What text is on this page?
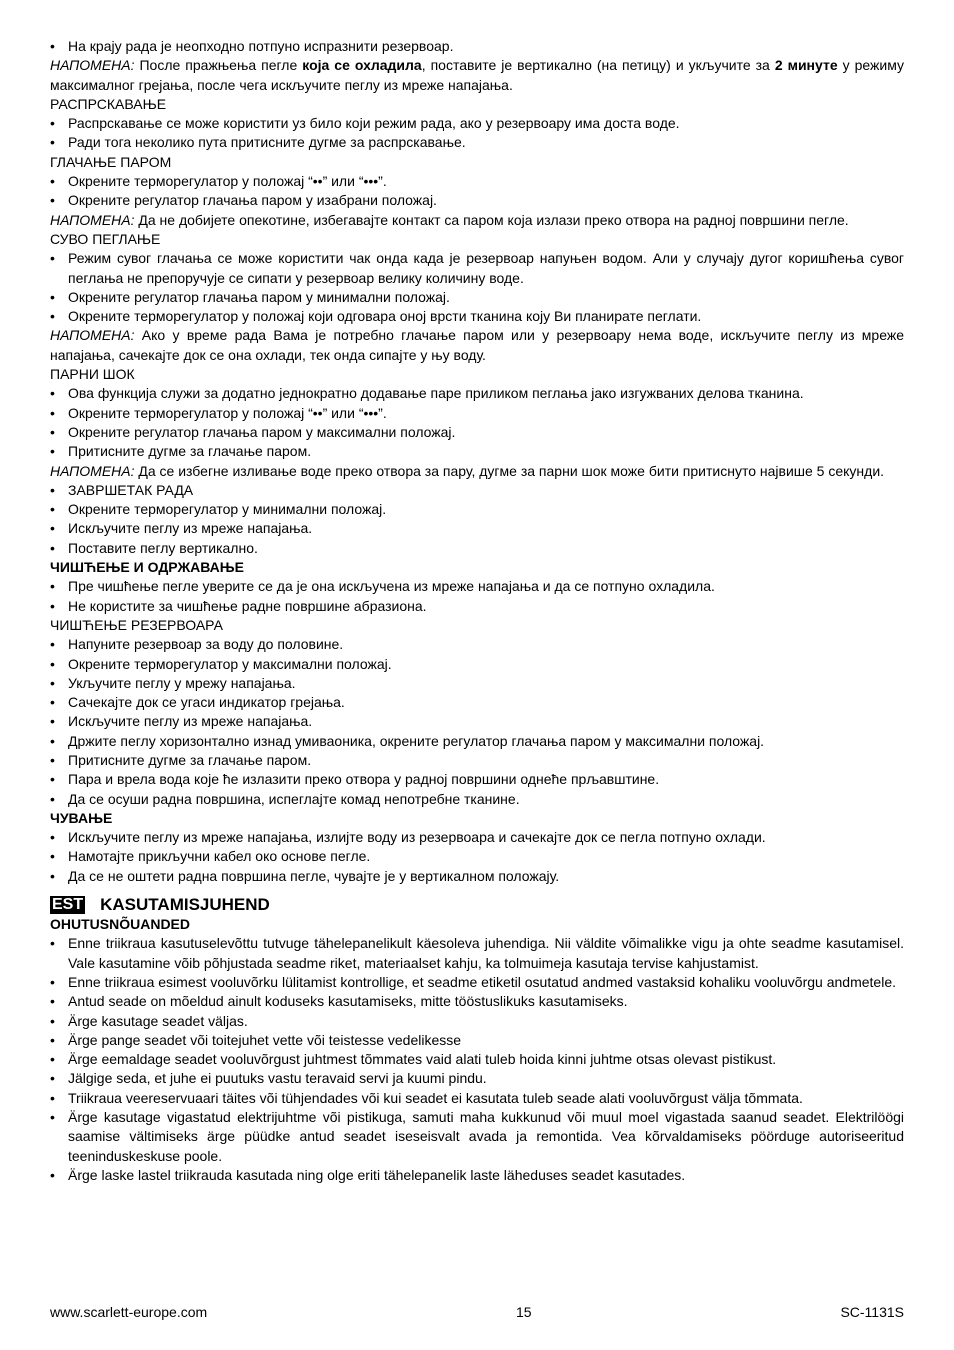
• На крају рада је неопходно потпуно испразнити резервоар.

НАПОМЕНА: После пражњења пегле која се охладила, поставите је вертикално (на петицу) и укључите за 2 минуте у режиму максималног грејања, после чега искључите пеглу из мреже напајања.

РАСПРСКАВАЊЕ

• Распрскавање се може користити уз било који режим рада, ако у резервоару има доста воде.
• Ради тога неколико пута притисните дугме за распрскавање.

ГЛАЧАЊЕ ПАРОМ

• Окрените терморегулатор у положај “••” или “•••”.
• Окрените регулатор глачања паром у изабрани положај.

НАПОМЕНА: Да не добијете опекотине, избегавајте контакт са паром која излази преко отвора на радној површини пегле.

СУВО ПЕГЛАЊЕ

• Режим сувог глачања се може користити чак онда када је резервоар напуњен водом. Али у случају дугог коришћења сувог пеглања не препоручује се сипати у резервоар велику количину воде.
• Окрените регулатор глачања паром у минимални положај.
• Окрените терморегулатор у положај који одговара оној врсти тканина коју Ви планирате пеглати.

НАПОМЕНА: Ако у време рада Вама је потребно глачање паром или у резервоару нема воде, искључите пеглу из мреже напајања, сачекајте док се она охлади, тек онда сипајте у њу воду.

ПАРНИ ШОК

• Ова функција служи за додатно једнократно додавање паре приликом пеглања јако изгужваних делова тканина.
• Окрените терморегулатор у положај “••” или “•••”.
• Окрените регулатор глачања паром у максимални положај.
• Притисните дугме за глачање паром.

НАПОМЕНА: Да се избегне изливање воде преко отвора за пару, дугме за парни шок може бити притиснуто највише 5 секунди.

• ЗАВРШЕТАК РАДА
• Окрените терморегулатор у минимални положај.
• Искључите пеглу из мреже напајања.
• Поставите пеглу вертикално.

ЧИШЋЕЊЕ И ОДРЖАВАЊЕ

• Пре чишћење пегле уверите се да је она искључена из мреже напајања и да се потпуно охладила.
• Не користите за чишћење радне површине абразиона.

ЧИШЋЕЊЕ РЕЗЕРВОАРА

• Напуните резервоар за воду до половине.
• Окрените терморегулатор у максимални положај.
• Укључите пеглу у мрежу напајања.
• Сачекајте док се угаси индикатор грејања.
• Искључите пеглу из мреже напајања.
• Држите пеглу хоризонтално изнад умиваоника, окрените регулатор глачања паром у максимални положај.
• Притисните дугме за глачање паром.
• Пара и врела вода које ће излазити преко отвора у радној површини однеће прљавштине.
• Да се осуши радна површина, испеглајте комад непотребне тканине.

ЧУВАЊЕ

• Искључите пеглу из мреже напајања, излијте воду из резервоара и сачекајте док се пегла потпуно охлади.
• Намотајте прикључни кабел око основе пегле.
• Да се не оштети радна површина пегле, чувајте је у вертикалном положају.
EST KASUTAMISJUHEND

OHUTUSNÕUANDED

• Enne triikraua kasutuselevõttu tutvuge tähelepanelikult käesoleva juhendiga. Nii väldite võimalikke vigu ja ohte seadme kasutamisel. Vale kasutamine võib põhjustada seadme riket, materiaalset kahju, ka tolmuimeja kasutaja tervise kahjustamist.
• Enne triikraua esimest vooluvõrku lülitamist kontrollige, et seadme etiketil osutatud andmed vastaksid kohaliku vooluvõrgu andmetele.
• Antud seade on mõeldud ainult koduseks kasutamiseks, mitte tööstuslikuks kasutamiseks.
• Ärge kasutage seadet väljas.
• Ärge pange seadet või toitejuhet vette või teistesse vedelikesse
• Ärge eemaldage seadet vooluvõrgust juhtmest tõmmates vaid alati tuleb hoida kinni juhtme otsas olevast pistikust.
• Jälgige seda, et juhe ei puutuks vastu teravaid servi ja kuumi pindu.
• Triikraua veereservuaari täites või tühjendades või kui seadet ei kasutata tuleb seade alati vooluvõrgust välja tõmmata.
• Ärge kasutage vigastatud elektrijuhtme või pistikuga, samuti maha kukkunud või muul moel vigastada saanud seadet. Elektrilöögi saamise vältimiseks ärge püüdke antud seadet iseseisvalt avada ja remontida. Vea kõrvaldamiseks pöörduge autoriseeritud teeninduskeskuse poole.
• Ärge laske lastel triikrauda kasutada ning olge eriti tähelepanelik laste läheduses seadet kasutades.
www.scarlett-europe.com	15	SC-1131S
